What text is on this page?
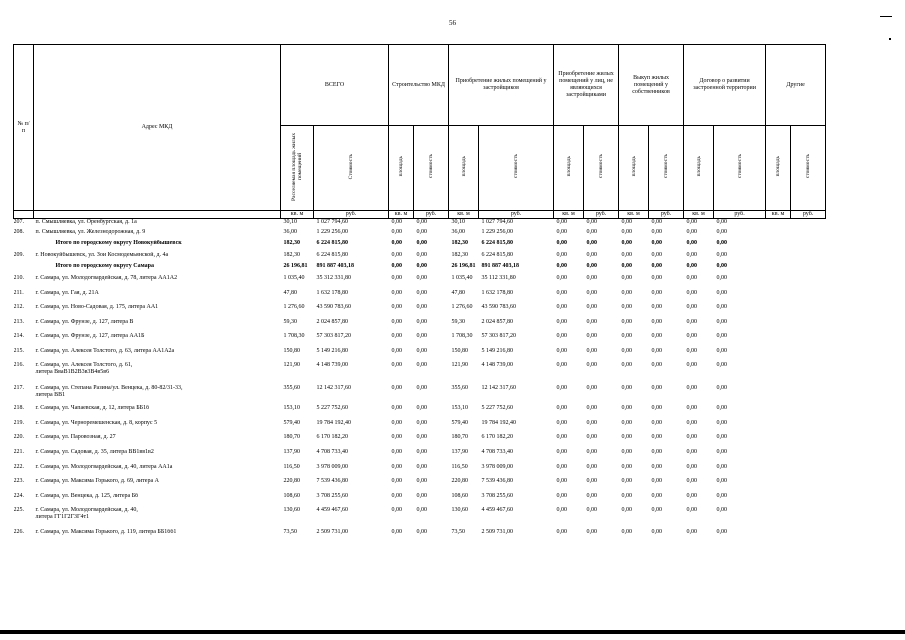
56
№ п/п	Адрес МКД	ВСЕГО		Строительство МКД		Приобретение жилых помещений у застройщиков		Приобретение жилых помещений у лиц, не являющихся застройщиками		Выкуп жилых помещений у собственников		Договор о развитии застроенной территории		Другие	
		Расселяемая площадь жилых помещений	Стоимость	площадь	стоимость	площадь	стоимость	площадь	стоимость	площадь	стоимость	площадь	стоимость	площадь	стоимость
		кв. м	руб.	кв. м	руб.	кв. м	руб.	кв. м	руб.	кв. м	руб.	кв. м	руб.	кв. м	руб.
207.	п. Смышляевка, ул. Оренбургская, д. 1а	30,10	1 027 794,60	0,00	0,00	30,10	1 027 794,60	0,00	0,00	0,00	0,00	0,00	0,00		
208.	п. Смышляевка, ул. Железнодорожная, д. 9	36,00	1 229 256,00	0,00	0,00	36,00	1 229 256,00	0,00	0,00	0,00	0,00	0,00	0,00		
	Итого по городскому округу Новокуйбышевск	182,30	6 224 815,80	0,00	0,00	182,30	6 224 815,80	0,00	0,00	0,00	0,00	0,00	0,00		
209.	г. Новокуйбышевск, ул. Зои Космодемьянской, д. 4а	182,30	6 224 815,80	0,00	0,00	182,30	6 224 815,80	0,00	0,00	0,00	0,00	0,00	0,00		
	Итого по городскому округу Самара	26 196,81	891 887 403,18	0,00	0,00	26 196,81	891 887 403,18	0,00	0,00	0,00	0,00	0,00	0,00		
210.	г. Самара, ул. Молодогвардейская, д. 78, литера АА1А2	1 035,40	35 312 331,80	0,00	0,00	1 035,40	35 112 331,80	0,00	0,00	0,00	0,00	0,00	0,00		
211.	г. Самара, ул. Гая, д. 21А	47,80	1 632 178,80	0,00	0,00	47,80	1 632 178,80	0,00	0,00	0,00	0,00	0,00	0,00		
212.	г. Самара, ул. Ново-Садовая, д. 175, литера АА1	1 276,60	43 590 783,60	0,00	0,00	1 276,60	43 590 783,60	0,00	0,00	0,00	0,00	0,00	0,00		
213.	г. Самара, ул. Фрунзе, д. 127, литера В	59,30	2 024 857,80	0,00	0,00	59,30	2 024 857,80	0,00	0,00	0,00	0,00	0,00	0,00		
214.	г. Самара, ул. Фрунзе, д. 127, литера АА1Б	1 708,30	57 303 817,20	0,00	0,00	1 708,30	57 303 817,20	0,00	0,00	0,00	0,00	0,00	0,00		
215.	г. Самара, ул. Алексея Толстого, д. 63, литера АА1А2а	150,80	5 149 216,80	0,00	0,00	150,80	5 149 216,80	0,00	0,00	0,00	0,00	0,00	0,00		
216.	г. Самара, ул. Алексея Толстого, д. 61,
литера ВваВ1В2В3в3В4в5в6	121,90	4 148 739,00	0,00	0,00	121,90	4 148 739,00	0,00	0,00	0,00	0,00	0,00	0,00		
217.	г. Самара, ул. Степана Разина/ул. Венцека, д. 80-82/31-33,
литера ВВ1	355,60	12 142 317,60	0,00	0,00	355,60	12 142 317,60	0,00	0,00	0,00	0,00	0,00	0,00		
218.	г. Самара, ул. Чапаевская, д. 12, литера ББ1б	153,10	5 227 752,60	0,00	0,00	153,10	5 227 752,60	0,00	0,00	0,00	0,00	0,00	0,00		
219.	г. Самара, ул. Черноремешенская, д. 8, корпус 5	579,40	19 784 192,40	0,00	0,00	579,40	19 784 192,40	0,00	0,00	0,00	0,00	0,00	0,00		
220.	г. Самара, ул. Паровозная, д. 27	180,70	6 170 182,20	0,00	0,00	180,70	6 170 182,20	0,00	0,00	0,00	0,00	0,00	0,00		
221.	г. Самара, ул. Садовая, д. 35, литера ВВ1вв1в2	137,90	4 708 733,40	0,00	0,00	137,90	4 708 733,40	0,00	0,00	0,00	0,00	0,00	0,00		
222.	г. Самара, ул. Молодогвардейская, д. 40, литера АА1а	116,50	3 978 009,00	0,00	0,00	116,50	3 978 009,00	0,00	0,00	0,00	0,00	0,00	0,00		
223.	г. Самара, ул. Максима Горького, д. 69, литера А	220,80	7 539 436,80	0,00	0,00	220,80	7 539 436,80	0,00	0,00	0,00	0,00	0,00	0,00		
224.	г. Самара, ул. Венцека, д. 125, литера Бб	108,60	3 708 255,60	0,00	0,00	108,60	3 708 255,60	0,00	0,00	0,00	0,00	0,00	0,00		
225.	г. Самара, ул. Молодогвардейская, д. 40,
литера ГГ1Г2Г3Г4т1	130,60	4 459 467,60	0,00	0,00	130,60	4 459 467,60	0,00	0,00	0,00	0,00	0,00	0,00		
226.	г. Самара, ул. Максима Горького, д. 119, литера ББ1бб1	73,50	2 509 731,00	0,00	0,00	73,50	2 509 731,00	0,00	0,00	0,00	0,00	0,00	0,00		
